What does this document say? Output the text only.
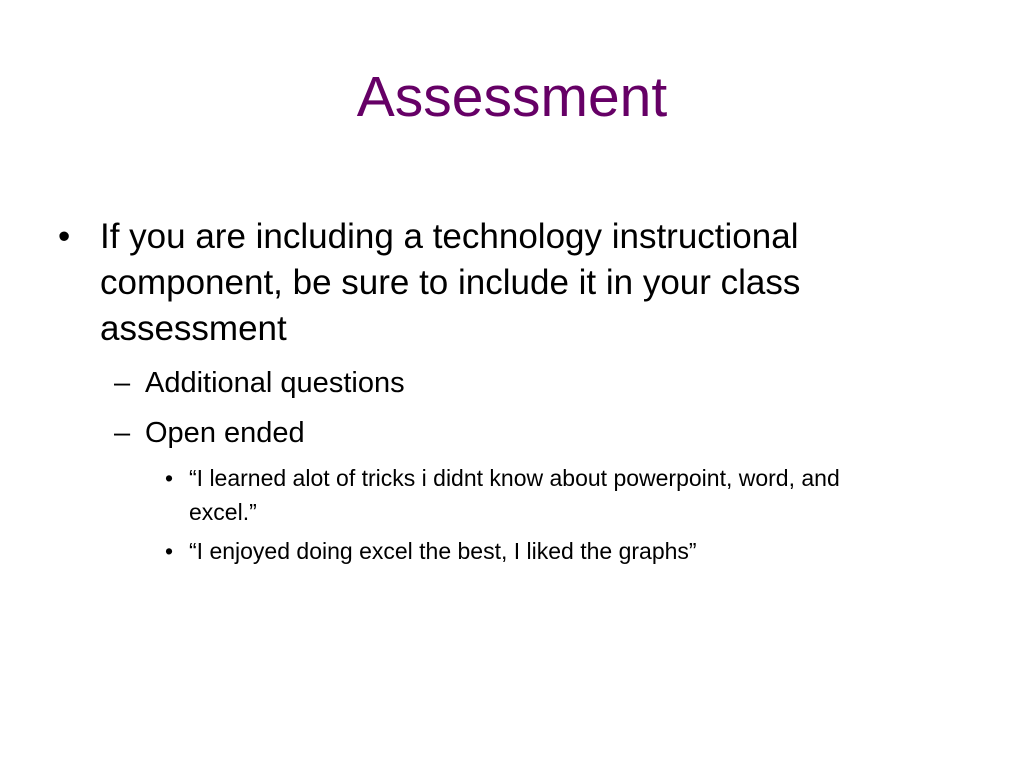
Assessment
• If you are including a technology instructional component, be sure to include it in your class assessment
– Additional questions
– Open ended
• “I learned alot of tricks i didnt know about powerpoint, word, and excel.”
• “I enjoyed doing excel the best, I liked the graphs”
